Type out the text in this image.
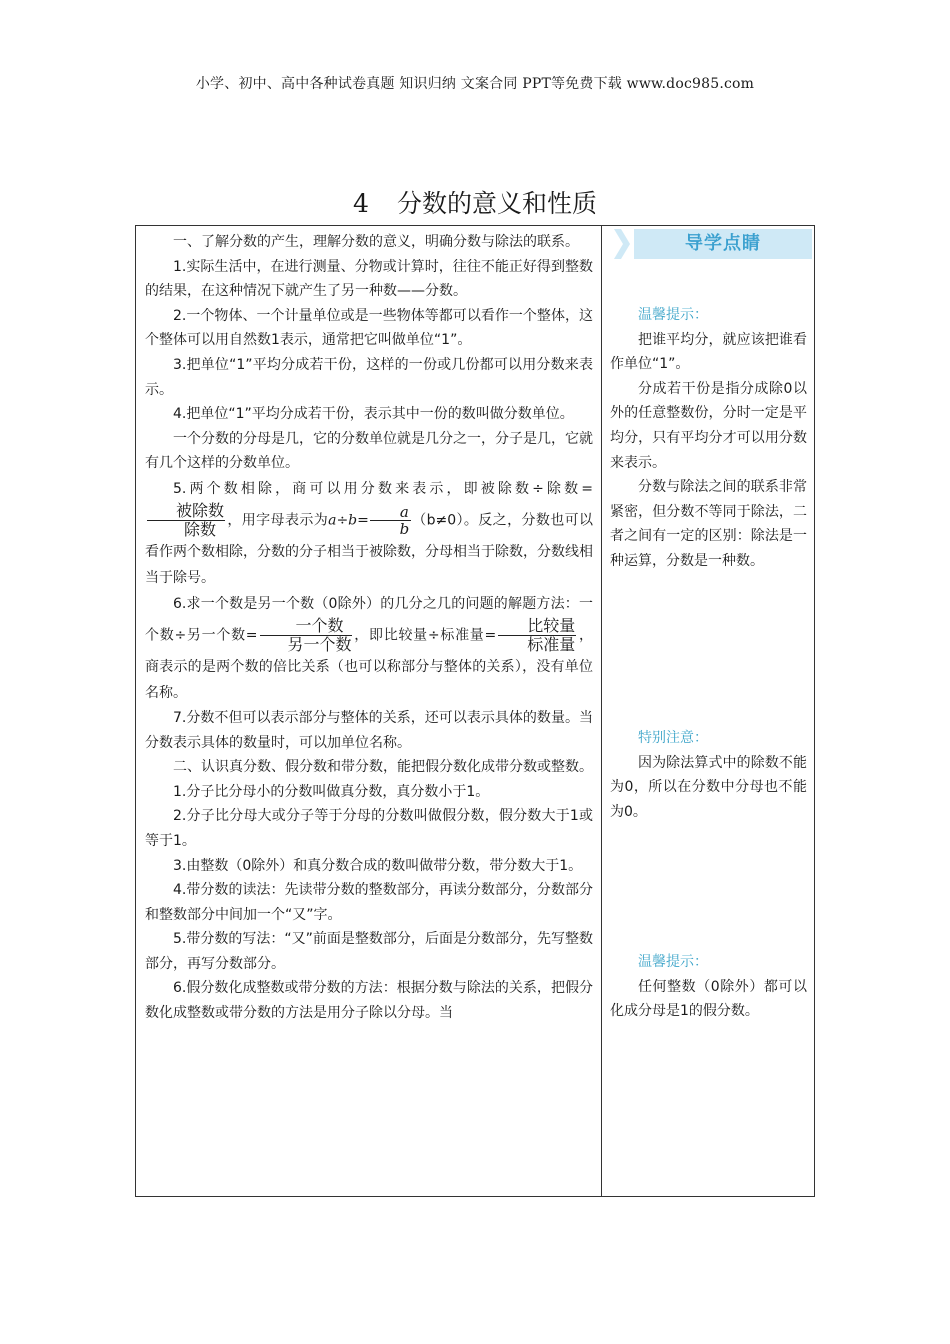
小学、初中、高中各种试卷真题 知识归纳 文案合同 PPT等免费下载 www.doc985.com
4 分数的意义和性质

一、了解分数的产生，理解分数的意义，明确分数与除法的联系。

1.实际生活中，在进行测量、分物或计算时，往往不能正好得到整数的结果，在这种情况下就产生了另一种数——分数。

2.一个物体、一个计量单位或是一些物体等都可以看作一个整体，这个整体可以用自然数1表示，通常把它叫做单位“1”。

3.把单位“1”平均分成若干份，这样的一份或几份都可以用分数来表示。

4.把单位“1”平均分成若干份，表示其中一份的数叫做分数单位。

一个分数的分母是几，它的分数单位就是几分之一，分子是几，它就有几个这样的分数单位。

5.两个数相除，商可以用分数来表示，即被除数÷除数=
$\frac{\text{被除数}}{\text{除数}}$ ，用字母表示为$a\div b= \frac{a}{b} (b\ne 0)$。反之，分数也可以看作两个数相除，分数的分子相当于被除数，分母相当于除数，分数线相当于除号。

6.求一个数是另一个数（0除外）的几分之几的问题的解题方法：一个数÷另一个数= $\frac{\text{一个数}}{\text{另一个数}}$ ，即比较量÷标准量= $\frac{\text{比较量}}{\text{标准量}}$ ，商表示的是两个数的倍比关系（也可以称部分与整体的关系），没有单位名称。

7.分数不但可以表示部分与整体的关系，还可以表示具体的数量。当分数表示具体的数量时，可以加单位名称。

二、认识真分数、假分数和带分数，能把假分数化成带分数或整数。

1.分子比分母小的分数叫做真分数，真分数小于1。

2.分子比分母大或分子等于分母的分数叫做假分数，假分数大于1或等于1。

3.由整数（0除外）和真分数合成的数叫做带分数，带分数大于1。

4.带分数的读法：先读带分数的整数部分，再读分数部分，分数部分和整数部分中间加一个“又”字。

5.带分数的写法：“又”前面是整数部分，后面是分数部分，先写整数部分，再写分数部分。

6.假分数化成整数或带分数的方法：根据分数与除法的关系，把假分数化成整数或带分数的方法是用分子除以分母。当

导学点睛

温馨提示：

把谁平均分，就应该把谁看作单位“1”。

分成若干份是指分成除0以外的任意整数份，分时一定是平均分，只有平均分才可以用分数来表示。

分数与除法之间的联系非常紧密，但分数不等同于除法，二者之间有一定的区别：除法是一种运算，分数是一种数。

特别注意：

因为除法算式中的除数不能为0，所以在分数中分母也不能为0。

温馨提示：

任何整数（0除外）都可以化成分母是1的假分数。
